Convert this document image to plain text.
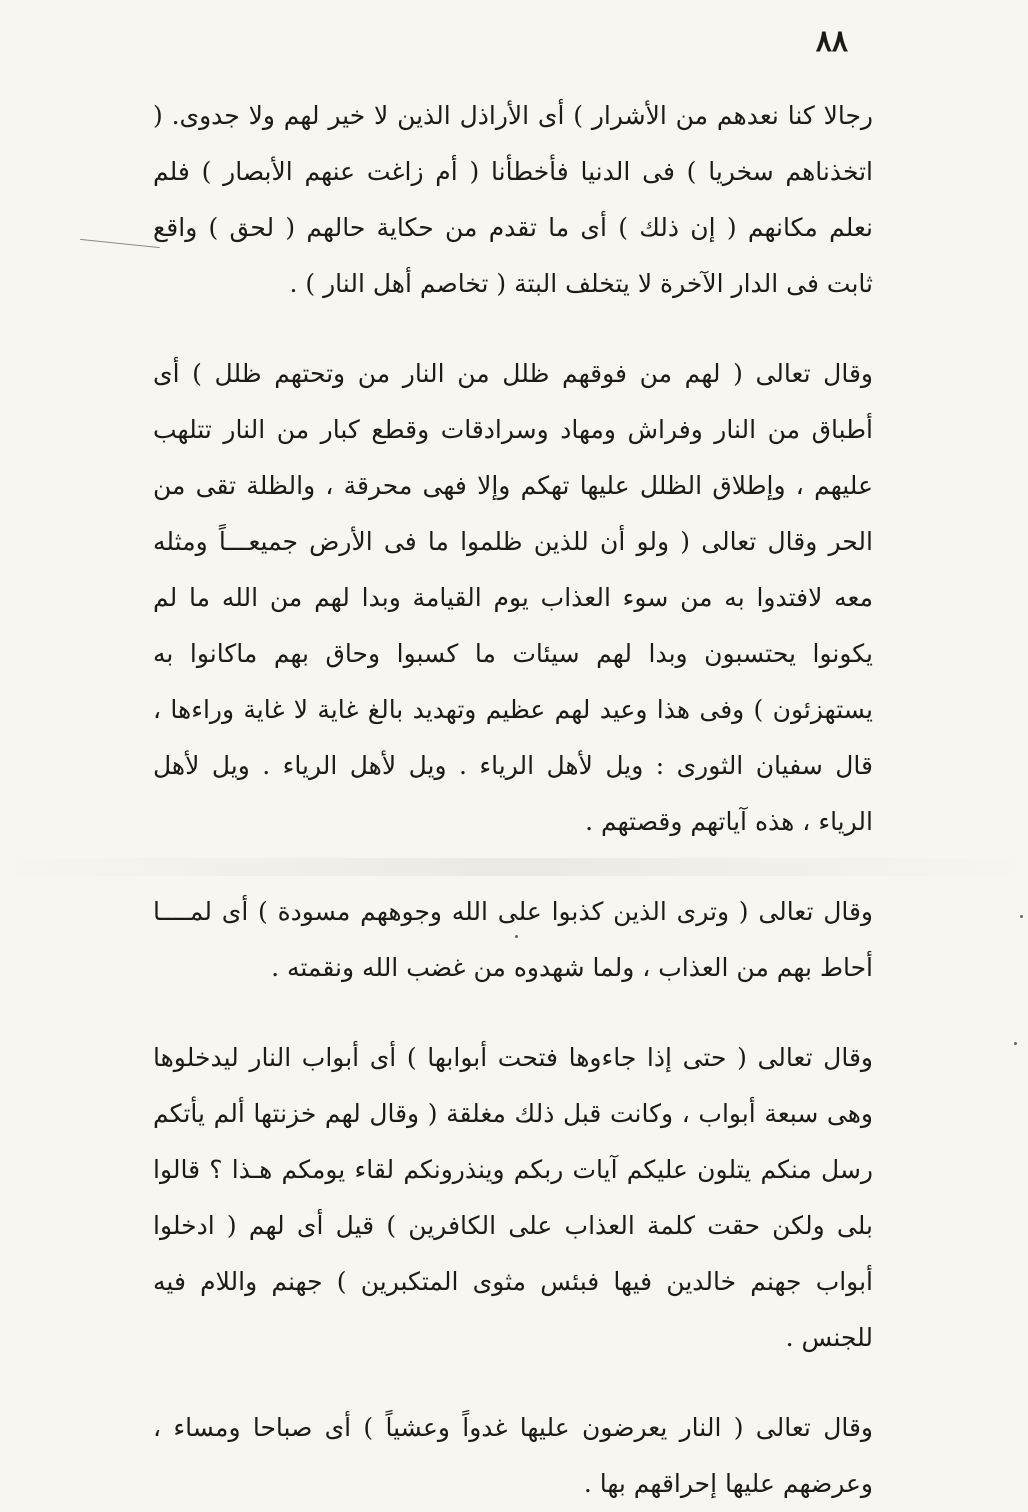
٨٨

رجالا كنا نعدهم من الأشرار ) أى الأراذل الذين لا خير لهم ولا جدوى. ( اتخذناهم سخريا ) فى الدنيا فأخطأنا ( أم زاغت عنهم الأبصار ) فلم نعلم مكانهم ( إن ذلك ) أى ما تقدم من حكاية حالهم ( لحق ) واقع ثابت فى الدار الآخرة لا يتخلف البتة ( تخاصم أهل النار ) .

وقال تعالى ( لهم من فوقهم ظلل من النار من وتحتهم ظلل ) أى أطباق من النار وفراش ومهاد وسرادقات وقطع كبار من النار تتلهب عليهم ، وإطلاق الظلل عليها تهكم وإلا فهى محرقة ، والظلة تقى من الحر وقال تعالى ( ولو أن للذين ظلموا ما فى الأرض جميعـــاً ومثله معه لافتدوا به من سوء العذاب يوم القيامة وبدا لهم من الله ما لم يكونوا يحتسبون وبدا لهم سيئات ما كسبوا وحاق بهم ماكانوا به يستهزئون ) وفى هذا وعيد لهم عظيم وتهديد بالغ غاية لا غاية وراءها ، قال سفيان الثورى : ويل لأهل الرياء . ويل لأهل الرياء . ويل لأهل الرياء ، هذه آياتهم وقصتهم .

وقال تعالى ( وترى الذين كذبوا على الله وجوههم مسودة ) أى لمــــا أحاط بهم من العذاب ، ولما شهدوه من غضب الله ونقمته .

وقال تعالى ( حتى إذا جاءوها فتحت أبوابها ) أى أبواب النار ليدخلوها وهى سبعة أبواب ، وكانت قبل ذلك مغلقة ( وقال لهم خزنتها ألم يأتكم رسل منكم يتلون عليكم آيات ربكم وينذرونكم لقاء يومكم هـذا ؟ قالوا بلى ولكن حقت كلمة العذاب على الكافرين ) قيل أى لهم ( ادخلوا أبواب جهنم خالدين فيها فبئس مثوى المتكبرين ) جهنم واللام فيه للجنس .

وقال تعالى ( النار يعرضون عليها غدواً وعشياً ) أى صباحا ومساء ، وعرضهم عليها إحراقهم بها .
